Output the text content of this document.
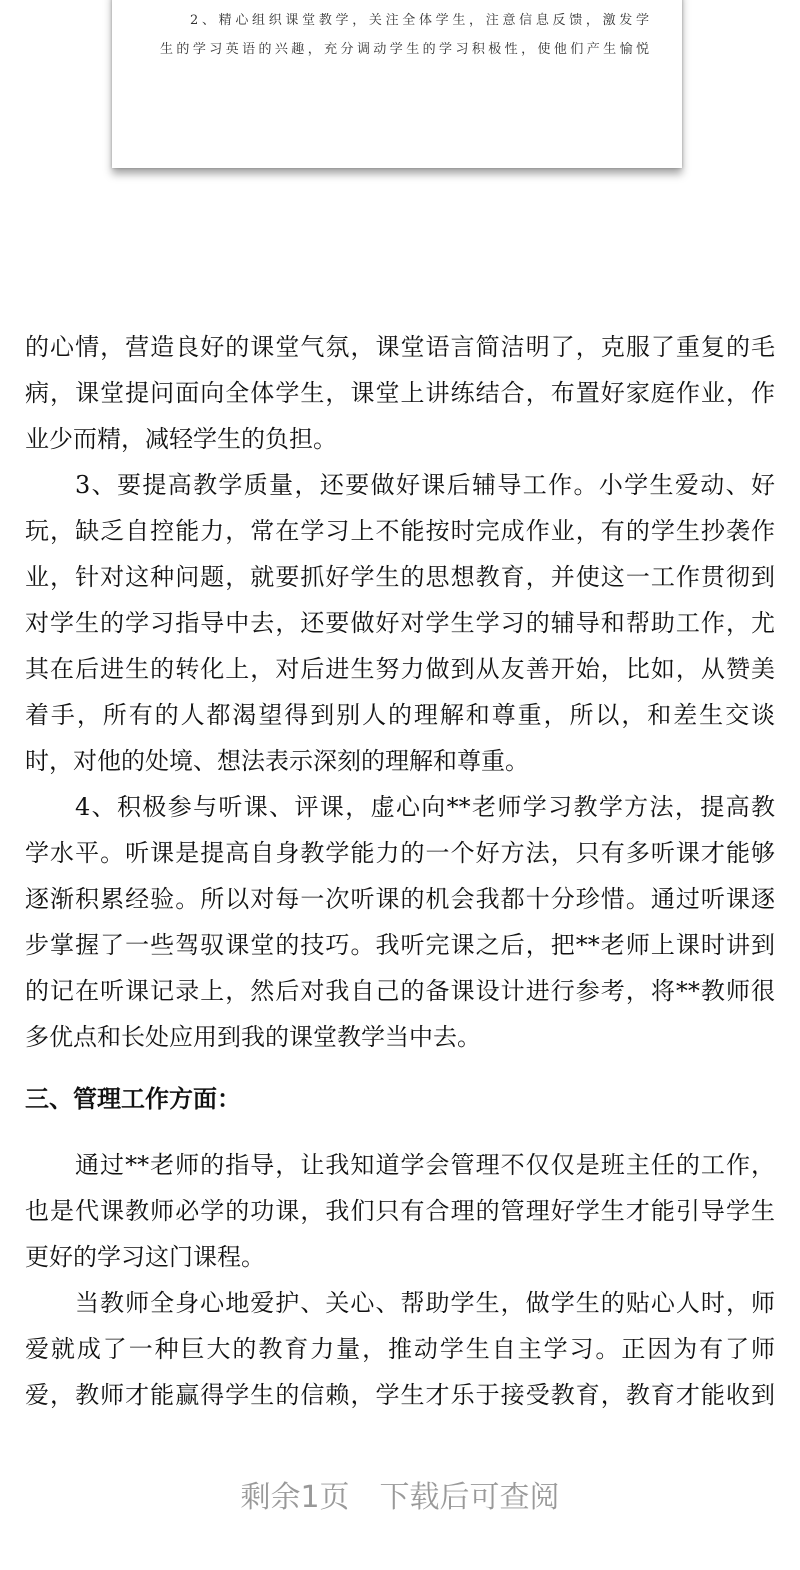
2、精心组织课堂教学，关注全体学生，注意信息反馈，激发学
生的学习英语的兴趣，充分调动学生的学习积极性，使他们产生愉悦
的心情，营造良好的课堂气氛，课堂语言简洁明了，克服了重复的毛
病，课堂提问面向全体学生，课堂上讲练结合，布置好家庭作业，作
业少而精，减轻学生的负担。
3、要提高教学质量，还要做好课后辅导工作。小学生爱动、好
玩，缺乏自控能力，常在学习上不能按时完成作业，有的学生抄袭作
业，针对这种问题，就要抓好学生的思想教育，并使这一工作贯彻到
对学生的学习指导中去，还要做好对学生学习的辅导和帮助工作，尤
其在后进生的转化上，对后进生努力做到从友善开始，比如，从赞美
着手，所有的人都渴望得到别人的理解和尊重，所以，和差生交谈
时，对他的处境、想法表示深刻的理解和尊重。
4、积极参与听课、评课，虚心向**老师学习教学方法，提高教
学水平。听课是提高自身教学能力的一个好方法，只有多听课才能够
逐渐积累经验。所以对每一次听课的机会我都十分珍惜。通过听课逐
步掌握了一些驾驭课堂的技巧。我听完课之后，把**老师上课时讲到
的记在听课记录上，然后对我自己的备课设计进行参考，将**教师很
多优点和长处应用到我的课堂教学当中去。
三、管理工作方面：
通过**老师的指导，让我知道学会管理不仅仅是班主任的工作，
也是代课教师必学的功课，我们只有合理的管理好学生才能引导学生
更好的学习这门课程。
当教师全身心地爱护、关心、帮助学生，做学生的贴心人时，师
爱就成了一种巨大的教育力量，推动学生自主学习。正因为有了师
爱，教师才能赢得学生的信赖，学生才乐于接受教育，教育才能收到
剩余1页　下载后可查阅
